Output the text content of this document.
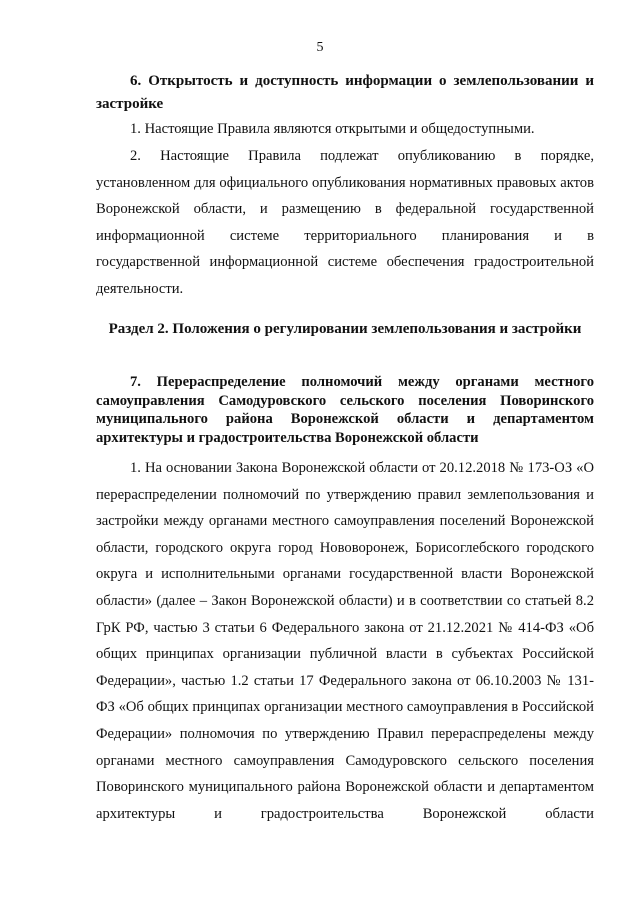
5
6. Открытость и доступность информации о землепользовании и застройке
1. Настоящие Правила являются открытыми и общедоступными.
2. Настоящие Правила подлежат опубликованию в порядке, установленном для официального опубликования нормативных правовых актов Воронежской области, и размещению в федеральной государственной информационной системе территориального планирования и в государственной информационной системе обеспечения градостроительной деятельности.
Раздел 2. Положения о регулировании землепользования и застройки
7. Перераспределение полномочий между органами местного самоуправления Самодуровского сельского поселения Поворинского муниципального района Воронежской области и департаментом архитектуры и градостроительства Воронежской области
1. На основании Закона Воронежской области от 20.12.2018 № 173-ОЗ «О перераспределении полномочий по утверждению правил землепользования и застройки между органами местного самоуправления поселений Воронежской области, городского округа город Нововоронеж, Борисоглебского городского округа и исполнительными органами государственной власти Воронежской области» (далее – Закон Воронежской области) и в соответствии со статьей 8.2 ГрК РФ, частью 3 статьи 6 Федерального закона от 21.12.2021 № 414-ФЗ «Об общих принципах организации публичной власти в субъектах Российской Федерации», частью 1.2 статьи 17 Федерального закона от 06.10.2003 № 131-ФЗ «Об общих принципах организации местного самоуправления в Российской Федерации» полномочия по утверждению Правил перераспределены между органами местного самоуправления Самодуровского сельского поселения Поворинского муниципального района Воронежской области и департаментом архитектуры и градостроительства Воронежской области
